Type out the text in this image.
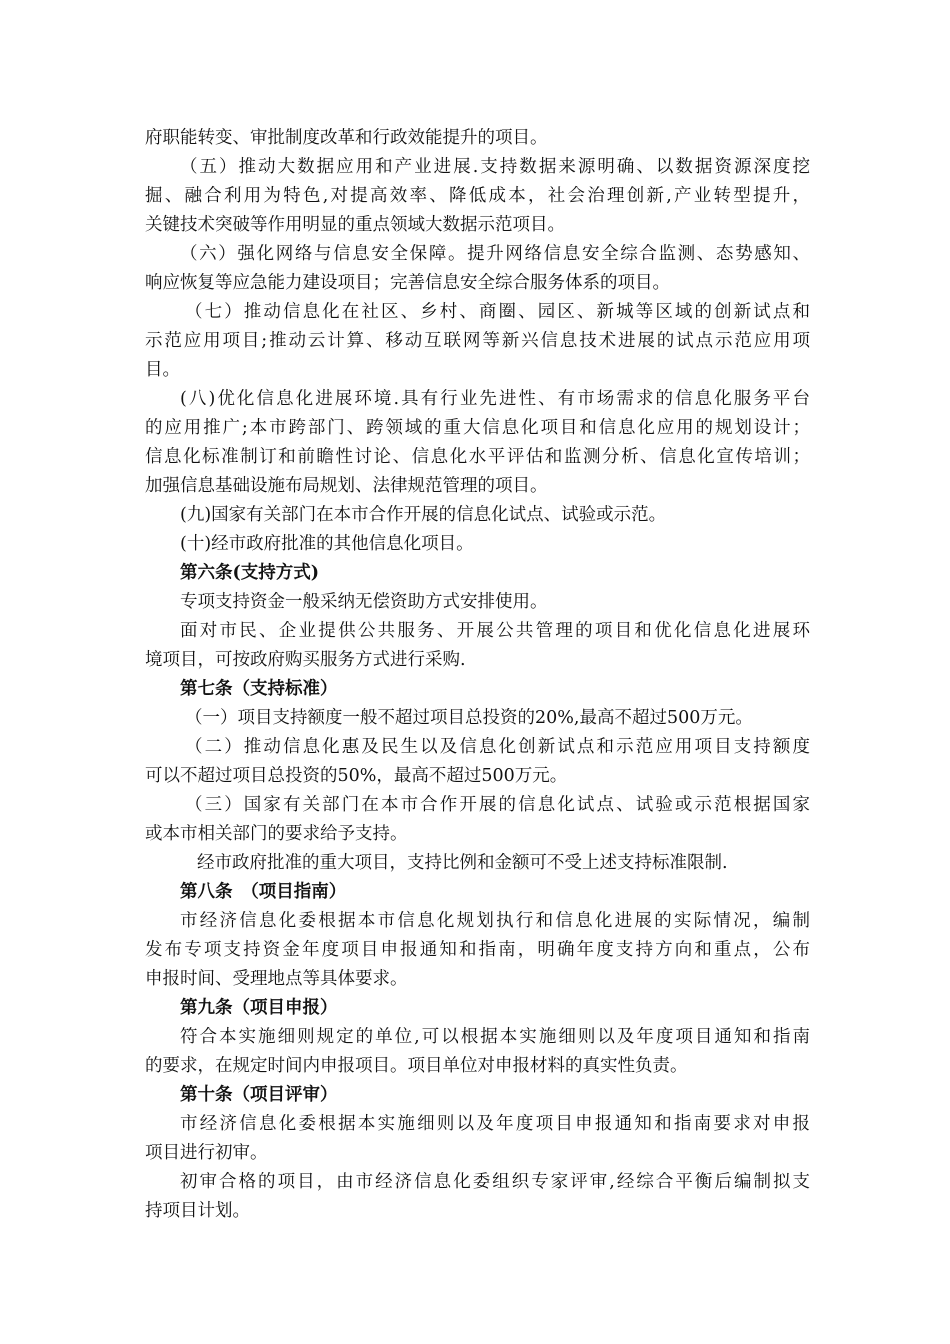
府职能转变、审批制度改革和行政效能提升的项目。
（五）推动大数据应用和产业进展.支持数据来源明确、以数据资源深度挖
掘、融合利用为特色,对提高效率、降低成本，社会治理创新,产业转型提升，
关键技术突破等作用明显的重点领域大数据示范项目。
（六）强化网络与信息安全保障。提升网络信息安全综合监测、态势感知、
响应恢复等应急能力建设项目；完善信息安全综合服务体系的项目。
（七）推动信息化在社区、乡村、商圈、园区、新城等区域的创新试点和
示范应用项目;推动云计算、移动互联网等新兴信息技术进展的试点示范应用项
目。
(八)优化信息化进展环境.具有行业先进性、有市场需求的信息化服务平台
的应用推广;本市跨部门、跨领域的重大信息化项目和信息化应用的规划设计；
信息化标准制订和前瞻性讨论、信息化水平评估和监测分析、信息化宣传培训；
加强信息基础设施布局规划、法律规范管理的项目。
(九)国家有关部门在本市合作开展的信息化试点、试验或示范。
(十)经市政府批准的其他信息化项目。
第六条(支持方式)
专项支持资金一般采纳无偿资助方式安排使用。
面对市民、企业提供公共服务、开展公共管理的项目和优化信息化进展环
境项目，可按政府购买服务方式进行采购.
第七条（支持标准）
（一）项目支持额度一般不超过项目总投资的20%,最高不超过500万元。
（二）推动信息化惠及民生以及信息化创新试点和示范应用项目支持额度
可以不超过项目总投资的50%，最高不超过500万元。
（三）国家有关部门在本市合作开展的信息化试点、试验或示范根据国家
或本市相关部门的要求给予支持。
经市政府批准的重大项目，支持比例和金额可不受上述支持标准限制.
第八条　（项目指南）
市经济信息化委根据本市信息化规划执行和信息化进展的实际情况，编制
发布专项支持资金年度项目申报通知和指南，明确年度支持方向和重点，公布
申报时间、受理地点等具体要求。
第九条（项目申报）
符合本实施细则规定的单位,可以根据本实施细则以及年度项目通知和指南
的要求，在规定时间内申报项目。项目单位对申报材料的真实性负责。
第十条（项目评审）
市经济信息化委根据本实施细则以及年度项目申报通知和指南要求对申报
项目进行初审。
初审合格的项目，由市经济信息化委组织专家评审,经综合平衡后编制拟支
持项目计划。
